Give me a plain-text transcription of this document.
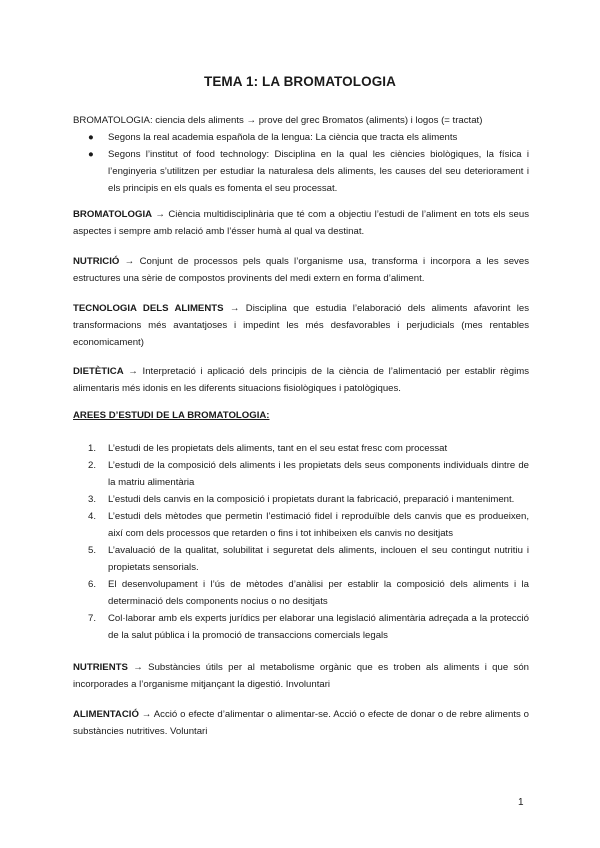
TEMA 1: LA BROMATOLOGIA
BROMATOLOGIA: ciencia dels aliments → prove del grec Bromatos (aliments) i logos (= tractat)
● Segons la real academia española de la lengua: La ciència que tracta els aliments
● Segons l’institut of food technology: Disciplina en la qual les ciències biològiques, la física i l’enginyeria s’utilitzen per estudiar la naturalesa dels aliments, les causes del seu deteriorament i els principis en els quals es fomenta el seu processat.
BROMATOLOGIA → Ciència multidisciplinària que té com a objectiu l’estudi de l’aliment en tots els seus aspectes i sempre amb relació amb l’ésser humà al qual va destinat.
NUTRICIÓ → Conjunt de processos pels quals l’organisme usa, transforma i incorpora a les seves estructures una sèrie de compostos provinents del medi extern en forma d’aliment.
TECNOLOGIA DELS ALIMENTS → Disciplina que estudia l’elaboració dels aliments afavorint les transformacions més avantatjoses i impedint les més desfavorables i perjudicials (mes rentables economicament)
DIETÈTICA → Interpretació i aplicació dels principis de la ciència de l’alimentació per establir règims alimentaris més idonis en les diferents situacions fisiològiques i patològiques.
AREES D’ESTUDI DE LA BROMATOLOGIA:
1. L’estudi de les propietats dels aliments, tant en el seu estat fresc com processat
2. L’estudi de la composició dels aliments i les propietats dels seus components individuals dintre de la matriu alimentària
3. L’estudi dels canvis en la composició i propietats durant la fabricació, preparació i manteniment.
4. L’estudi dels mètodes que permetin l’estimació fidel i reproduïble dels canvis que es produeixen, així com dels processos que retarden o fins i tot inhibeixen els canvis no desitjats
5. L’avaluació de la qualitat, solubilitat i seguretat dels aliments, inclouen el seu contingut nutritiu i propietats sensorials.
6. El desenvolupament i l’ús de mètodes d’anàlisi per establir la composició dels aliments i la determinació dels components nocius o no desitjats
7. Col·laborar amb els experts jurídics per elaborar una legislació alimentària adreçada a la protecció de la salut pública i la promoció de transaccions comercials legals
NUTRIENTS → Substàncies útils per al metabolisme orgànic que es troben als aliments i que són incorporades a l’organisme mitjançant la digestió. Involuntari
ALIMENTACIÓ → Acció o efecte d’alimentar o alimentar-se. Acció o efecte de donar o de rebre aliments o substàncies nutritives. Voluntari
1
